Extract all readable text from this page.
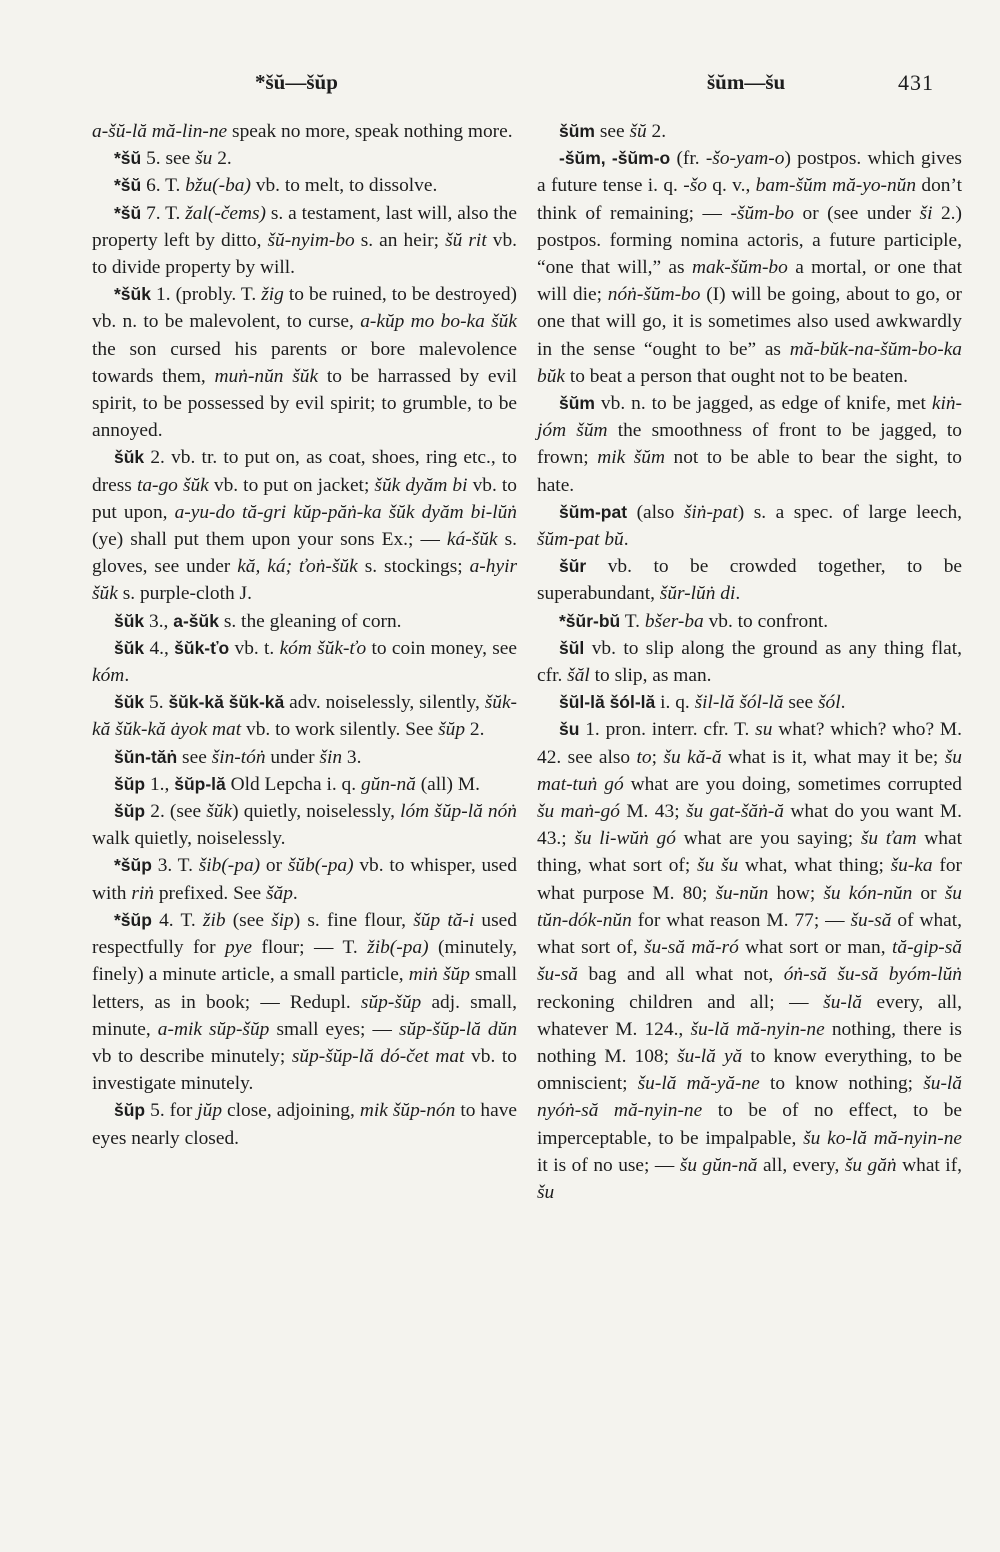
*šŭ—šŭp	šŭm—šu	431

a-šŭ-lă mă-lin-ne speak no more, speak nothing more.

*šŭ 5. see šu 2.

*šŭ 6. T. bžu(-ba) vb. to melt, to dissolve.

*šŭ 7. T. žal(-čems) s. a testament, last will, also the property left by ditto, šŭ-nyim-bo s. an heir; šŭ rit vb. to divide property by will.

*šŭk 1. (probly. T. žig to be ruined, to be destroyed) vb. n. to be malevolent, to curse, a-kŭp mo bo-ka šŭk the son cursed his parents or bore malevolence towards them, muṅ-nŭn šŭk to be harrassed by evil spirit, to be possessed by evil spirit; to grumble, to be annoyed.

šŭk 2. vb. tr. to put on, as coat, shoes, ring etc., to dress ta-go šŭk vb. to put on jacket; šŭk dyăm bi vb. to put upon, a-yu-do tă-gri kŭp-păṅ-ka šŭk dyăm bi-lŭṅ (ye) shall put them upon your sons Ex.; — ká-šŭk s. gloves, see under kă, ká; ťoṅ-šŭk s. stockings; a-hyir šŭk s. purple-cloth J.

šŭk 3., a-šŭk s. the gleaning of corn.

šŭk 4., šŭk-ťo vb. t. kóm šŭk-ťo to coin money, see kóm.

šŭk 5. šŭk-kă šŭk-kă adv. noiselessly, silently, šŭk-kă šŭk-kă ȧyok mat vb. to work silently. See šŭp 2.

šŭn-tăṅ see šin-tóṅ under šin 3.

šŭp 1., šŭp-lă Old Lepcha i. q. gŭn-nă (all) M.

šŭp 2. (see šŭk) quietly, noiselessly, lóm šŭp-lă nóṅ walk quietly, noiselessly.

*šŭp 3. T. šib(-pa) or šŭb(-pa) vb. to whisper, used with riṅ prefixed. See šăp.

*šŭp 4. T. žib (see šip) s. fine flour, šŭp tă-i used respectfully for pye flour; — T. žib(-pa) (minutely, finely) a minute article, a small particle, miṅ šŭp small letters, as in book; — Redupl. sŭp-šŭp adj. small, minute, a-mik sŭp-šŭp small eyes; — sŭp-šŭp-lă dŭn vb to describe minutely; sŭp-šŭp-lă dó-čet mat vb. to investigate minutely.

šŭp 5. for jŭp close, adjoining, mik šŭp-nón to have eyes nearly closed.

šŭm see šŭ 2.

-šŭm, -šŭm-o (fr. -šo-yam-o) postpos. which gives a future tense i. q. -šo q. v., bam-šŭm mă-yo-nŭn don’t think of remaining; — -šŭm-bo or (see under ši 2.) postpos. forming nomina actoris, a future participle, “one that will,” as mak-šŭm-bo a mortal, or one that will die; nóṅ-šŭm-bo (I) will be going, about to go, or one that will go, it is sometimes also used awkwardly in the sense “ought to be” as mă-bŭk-na-šŭm-bo-ka bŭk to beat a person that ought not to be beaten.

šŭm vb. n. to be jagged, as edge of knife, met kiṅ-jóm šŭm the smoothness of front to be jagged, to frown; mik šŭm not to be able to bear the sight, to hate.

šŭm-pat (also šiṅ-pat) s. a spec. of large leech, šŭm-pat bŭ.

šŭr vb. to be crowded together, to be superabundant, šŭr-lŭṅ di.

*šŭr-bŭ T. bšer-ba vb. to confront.

šŭl vb. to slip along the ground as any thing flat, cfr. šăl to slip, as man.

šŭl-lă šól-lă i. q. šil-lă šól-lă see šól.

šu 1. pron. interr. cfr. T. su what? which? who? M. 42. see also to; šu kă-ă what is it, what may it be; šu mat-tuṅ gó what are you doing, sometimes corrupted šu maṅ-gó M. 43; šu gat-šăṅ-ă what do you want M. 43.; šu li-wŭṅ gó what are you saying; šu ťam what thing, what sort of; šu šu what, what thing; šu-ka for what purpose M. 80; šu-nŭn how; šu kón-nŭn or šu tŭn-dók-nŭn for what reason M. 77; — šu-să of what, what sort of, šu-să mă-ró what sort or man, tă-gip-să šu-să bag and all what not, óṅ-să šu-să byóm-lŭṅ reckoning children and all; — šu-lă every, all, whatever M. 124., šu-lă mă-nyin-ne nothing, there is nothing M. 108; šu-lă yă to know everything, to be omniscient; šu-lă mă-yă-ne to know nothing; šu-lă nyóṅ-să mă-nyin-ne to be of no effect, to be imperceptable, to be impalpable, šu ko-lă mă-nyin-ne it is of no use; — šu gŭn-nă all, every, šu găṅ what if, šu
